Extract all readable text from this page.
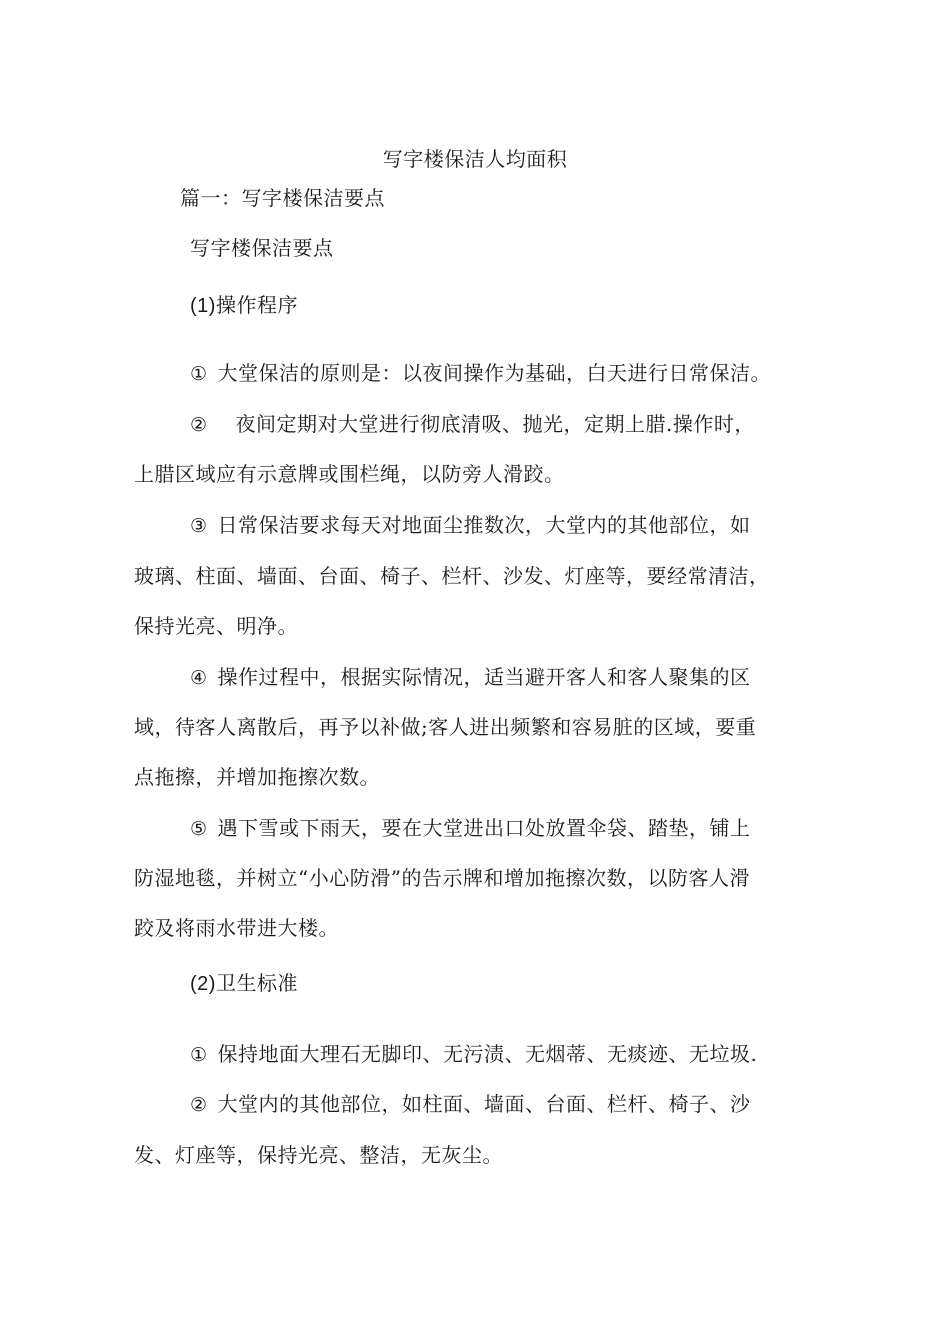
写字楼保洁人均面积
篇一：写字楼保洁要点
写字楼保洁要点
(1)操作程序
① 大堂保洁的原则是：以夜间操作为基础，白天进行日常保洁。
② 夜间定期对大堂进行彻底清吸、抛光，定期上腊.操作时，
上腊区域应有示意牌或围栏绳，以防旁人滑跤。
③ 日常保洁要求每天对地面尘推数次，大堂内的其他部位，如
玻璃、柱面、墙面、台面、椅子、栏杆、沙发、灯座等，要经常清洁，
保持光亮、明净。
④ 操作过程中，根据实际情况，适当避开客人和客人聚集的区
域，待客人离散后，再予以补做;客人进出频繁和容易脏的区域，要重
点拖擦，并增加拖擦次数。
⑤ 遇下雪或下雨天，要在大堂进出口处放置伞袋、踏垫，铺上
防湿地毯，并树立“小心防滑”的告示牌和增加拖擦次数，以防客人滑
跤及将雨水带进大楼。
(2)卫生标准
① 保持地面大理石无脚印、无污渍、无烟蒂、无痰迹、无垃圾.
② 大堂内的其他部位，如柱面、墙面、台面、栏杆、椅子、沙
发、灯座等，保持光亮、整洁，无灰尘。
